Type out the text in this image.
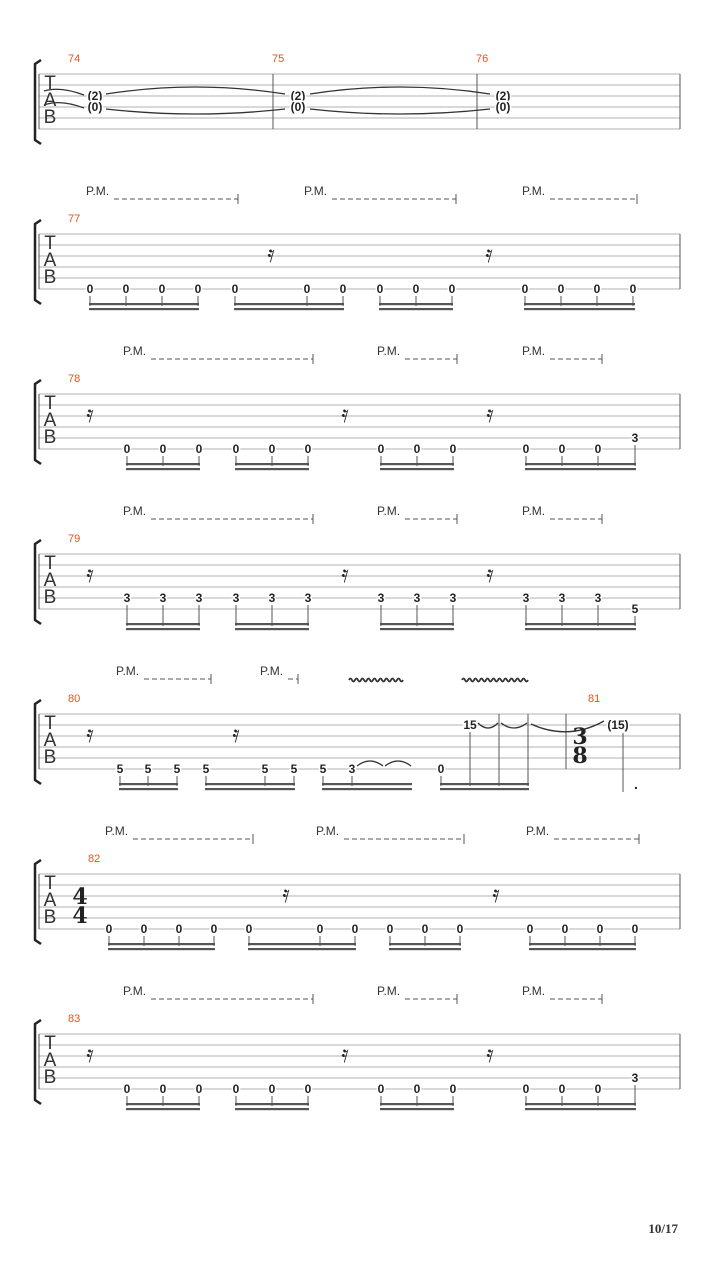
T
A
B
74	75	76
(2)
(0)
(2)
(0)
(2)
(0)
T
A
B
77
P.M.	P.M.	P.M.
𝄿	𝄿
0 0 0 0	0	0 0	0 0 0	0 0 0 0
T
A
B
78
P.M.	P.M.	P.M.
𝄿	𝄿	𝄿
0 0 0	0 0 0	0 0 0	0 0 0
3
T
A
B
79
P.M.	P.M.	P.M.
𝄿	𝄿	𝄿
3 3 3	3 3 3	3 3 3	3 3 3
5
T
A
B
80	81
P.M.	P.M.
𝄿	𝄿
5 5 5 5	5 5 5 3	0
15	3
8
(15)
.
T
A
B
82
P.M.	P.M.	P.M.
4
4
𝄿	𝄿
0 0 0 0 0	0 0 0 0 0	0 0 0 0
T
A
B
83
P.M.	P.M.	P.M.
𝄿	𝄿	𝄿
0 0 0	0 0 0	0 0 0	0 0 0
3
10/17
